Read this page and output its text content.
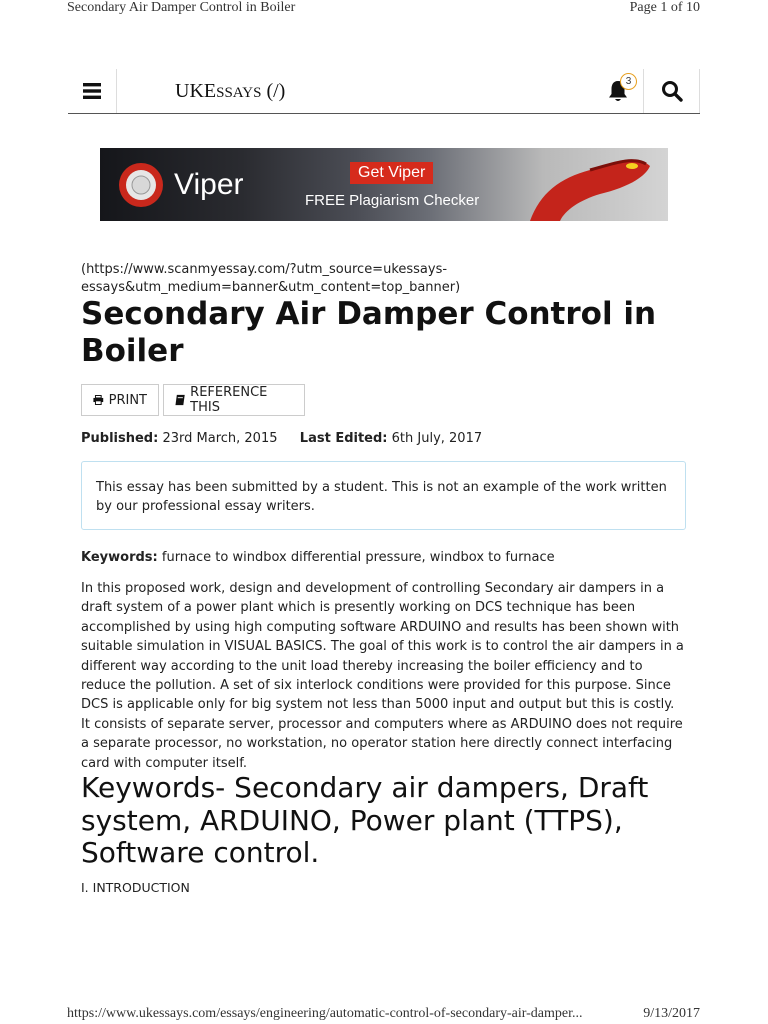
Secondary Air Damper Control in Boiler	Page 1 of 10
UKESSAYS (/)	3
Viper	Get Viper
FREE Plagiarism Checker
(https://www.scanmyessay.com/?utm_source=ukessays-essays&utm_medium=banner&utm_content=top_banner)
Secondary Air Damper Control in Boiler
PRINT	REFERENCE THIS
Published: 23rd March, 2015 Last Edited: 6th July, 2017
This essay has been submitted by a student. This is not an example of the work written by our professional essay writers.
Keywords: furnace to windbox differential pressure, windbox to furnace

In this proposed work, design and development of controlling Secondary air dampers in a draft system of a power plant which is presently working on DCS technique has been accomplished by using high computing software ARDUINO and results has been shown with suitable simulation in VISUAL BASICS. The goal of this work is to control the air dampers in a different way according to the unit load thereby increasing the boiler efficiency and to reduce the pollution. A set of six interlock conditions were provided for this purpose. Since DCS is applicable only for big system not less than 5000 input and output but this is costly. It consists of separate server, processor and computers where as ARDUINO does not require a separate processor, no workstation, no operator station here directly connect interfacing card with computer itself.

Keywords- Secondary air dampers, Draft system, ARDUINO, Power plant (TTPS), Software control.
I. INTRODUCTION
https://www.ukessays.com/essays/engineering/automatic-control-of-secondary-air-damper...	9/13/2017
